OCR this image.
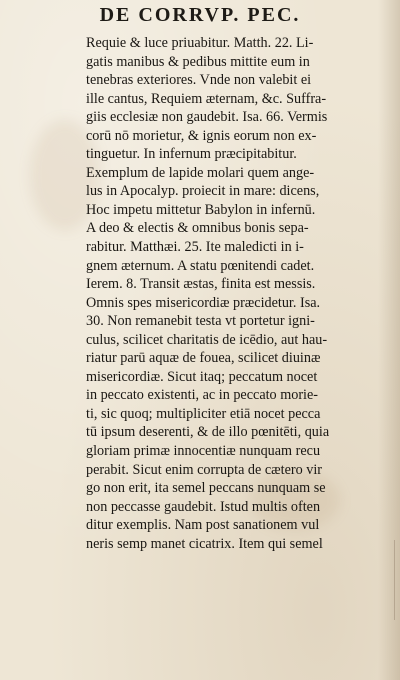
DE CORRVP. PEC.
Requie & luce priuabitur. Matth. 22. Li-
gatis manibus & pedibus mittite eum in
tenebras exteriores. Vnde non valebit ei
ille cantus, Requiem æternam, &c. Suffra-
giis ecclesiæ non gaudebit. Isa. 66. Vermis
corū nō morietur, & ignis eorum non ex-
tinguetur. In infernum præcipitabitur.
Exemplum de lapide molari quem ange-
lus in Apocalyp. proiecit in mare: dicens,
Hoc impetu mittetur Babylon in infernū.
A deo & electis & omnibus bonis sepa-
rabitur. Matthæi. 25. Ite maledicti in i-
gnem æternum. A statu pœnitendi cadet.
Ierem. 8. Transit æstas, finita est messis.
Omnis spes misericordiæ præcidetur. Isa.
30. Non remanebit testa vt portetur igni-
culus, scilicet charitatis de icēdio, aut hau-
riatur parū aquæ de fouea, scilicet diuinæ
misericordiæ. Sicut itaq; peccatum nocet
in peccato existenti, ac in peccato morie-
ti, sic quoq; multipliciter etiā nocet pecca
tū ipsum deserenti, & de illo pœnitēti, quia
gloriam primæ innocentiæ nunquam recu
perabit. Sicut enim corrupta de cætero vir
go non erit, ita semel peccans nunquam se
non peccasse gaudebit. Istud multis often
ditur exemplis. Nam post sanationem vul
neris semp manet cicatrix. Item qui semel
